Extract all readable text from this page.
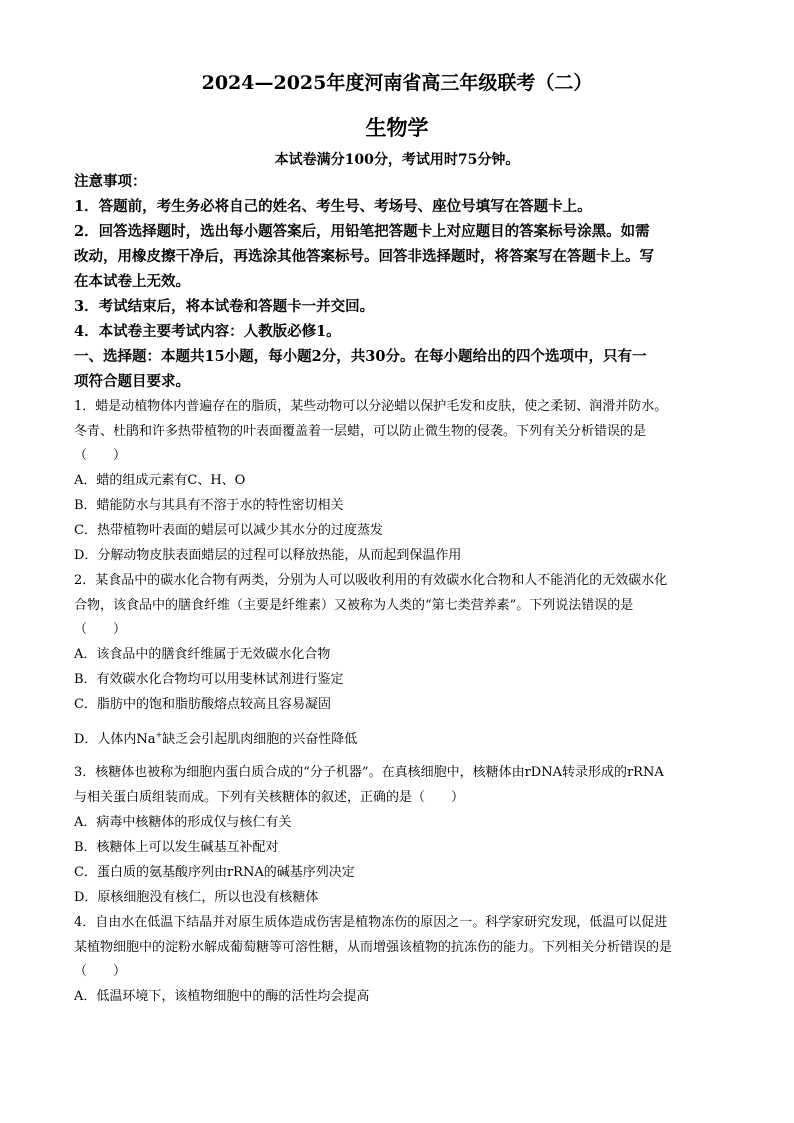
2024—2025年度河南省高三年级联考（二）
生物学
本试卷满分100分，考试用时75分钟。
注意事项：
1．答题前，考生务必将自己的姓名、考生号、考场号、座位号填写在答题卡上。
2．回答选择题时，选出每小题答案后，用铅笔把答题卡上对应题目的答案标号涂黑。如需
改动，用橡皮擦干净后，再选涂其他答案标号。回答非选择题时，将答案写在答题卡上。写
在本试卷上无效。
3．考试结束后，将本试卷和答题卡一并交回。
4．本试卷主要考试内容：人教版必修1。
一、选择题：本题共15小题，每小题2分，共30分。在每小题给出的四个选项中，只有一
项符合题目要求。
1．蜡是动植物体内普遍存在的脂质，某些动物可以分泌蜡以保护毛发和皮肤，使之柔韧、润滑并防水。
冬青、杜鹃和许多热带植物的叶表面覆盖着一层蜡，可以防止微生物的侵袭。下列有关分析错误的是
（　　）
A．蜡的组成元素有C、H、O
B．蜡能防水与其具有不溶于水的特性密切相关
C．热带植物叶表面的蜡层可以减少其水分的过度蒸发
D．分解动物皮肤表面蜡层的过程可以释放热能，从而起到保温作用
2．某食品中的碳水化合物有两类，分别为人可以吸收利用的有效碳水化合物和人不能消化的无效碳水化
合物，该食品中的膳食纤维（主要是纤维素）又被称为人类的“第七类营养素”。下列说法错误的是
（　　）
A．该食品中的膳食纤维属于无效碳水化合物
B．有效碳水化合物均可以用斐林试剂进行鉴定
C．脂肪中的饱和脂肪酸熔点较高且容易凝固
D．人体内Na+缺乏会引起肌肉细胞的兴奋性降低
3．核糖体也被称为细胞内蛋白质合成的“分子机器”。在真核细胞中，核糖体由rDNA转录形成的rRNA
与相关蛋白质组装而成。下列有关核糖体的叙述，正确的是（　　）
A．病毒中核糖体的形成仅与核仁有关
B．核糖体上可以发生碱基互补配对
C．蛋白质的氨基酸序列由rRNA的碱基序列决定
D．原核细胞没有核仁，所以也没有核糖体
4．自由水在低温下结晶并对原生质体造成伤害是植物冻伤的原因之一。科学家研究发现，低温可以促进
某植物细胞中的淀粉水解成葡萄糖等可溶性糖，从而增强该植物的抗冻伤的能力。下列相关分析错误的是
（　　）
A．低温环境下，该植物细胞中的酶的活性均会提高
